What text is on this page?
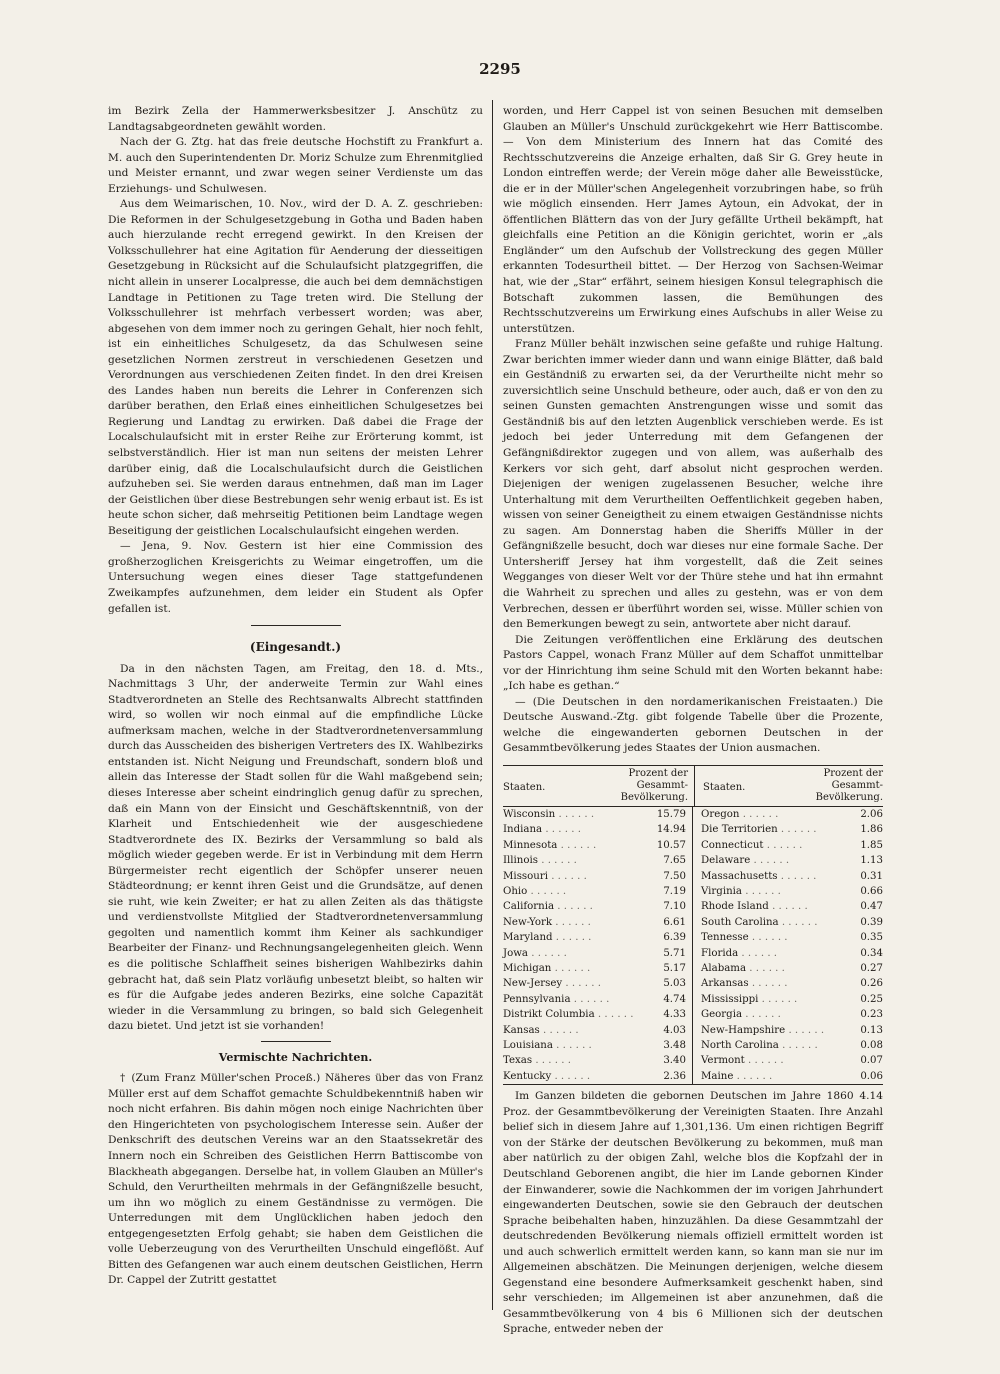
2295

im Bezirk Zella der Hammerwerksbesitzer J. Anschütz zu Landtagsabgeordneten gewählt worden.

Nach der G. Ztg. hat das freie deutsche Hochstift zu Frankfurt a. M. auch den Superintendenten Dr. Moriz Schulze zum Ehrenmitglied und Meister ernannt, und zwar wegen seiner Verdienste um das Erziehungs- und Schulwesen.

Aus dem Weimarischen, 10. Nov., wird der D. A. Z. geschrieben: Die Reformen in der Schulgesetzgebung in Gotha und Baden haben auch hierzulande recht erregend gewirkt. In den Kreisen der Volksschullehrer hat eine Agitation für Aenderung der diesseitigen Gesetzgebung in Rücksicht auf die Schulaufsicht platzgegriffen, die nicht allein in unserer Localpresse, die auch bei dem demnächstigen Landtage in Petitionen zu Tage treten wird. Die Stellung der Volksschullehrer ist mehrfach verbessert worden; was aber, abgesehen von dem immer noch zu geringen Gehalt, hier noch fehlt, ist ein einheitliches Schulgesetz, da das Schulwesen seine gesetzlichen Normen zerstreut in verschiedenen Gesetzen und Verordnungen aus verschiedenen Zeiten findet. In den drei Kreisen des Landes haben nun bereits die Lehrer in Conferenzen sich darüber berathen, den Erlaß eines einheitlichen Schulgesetzes bei Regierung und Landtag zu erwirken. Daß dabei die Frage der Localschulaufsicht mit in erster Reihe zur Erörterung kommt, ist selbstverständlich. Hier ist man nun seitens der meisten Lehrer darüber einig, daß die Localschulaufsicht durch die Geistlichen aufzuheben sei. Sie werden daraus entnehmen, daß man im Lager der Geistlichen über diese Bestrebungen sehr wenig erbaut ist. Es ist heute schon sicher, daß mehrseitig Petitionen beim Landtage wegen Beseitigung der geistlichen Localschulaufsicht eingehen werden.

— Jena, 9. Nov. Gestern ist hier eine Commission des großherzoglichen Kreisgerichts zu Weimar eingetroffen, um die Untersuchung wegen eines dieser Tage stattgefundenen Zweikampfes aufzunehmen, dem leider ein Student als Opfer gefallen ist.

(Eingesandt.)

Da in den nächsten Tagen, am Freitag, den 18. d. Mts., Nachmittags 3 Uhr, der anderweite Termin zur Wahl eines Stadtverordneten an Stelle des Rechtsanwalts Albrecht stattfinden wird, so wollen wir noch einmal auf die empfindliche Lücke aufmerksam machen, welche in der Stadtverordnetenversammlung durch das Ausscheiden des bisherigen Vertreters des IX. Wahlbezirks entstanden ist. Nicht Neigung und Freundschaft, sondern bloß und allein das Interesse der Stadt sollen für die Wahl maßgebend sein; dieses Interesse aber scheint eindringlich genug dafür zu sprechen, daß ein Mann von der Einsicht und Geschäftskenntniß, von der Klarheit und Entschiedenheit wie der ausgeschiedene Stadtverordnete des IX. Bezirks der Versammlung so bald als möglich wieder gegeben werde. Er ist in Verbindung mit dem Herrn Bürgermeister recht eigentlich der Schöpfer unserer neuen Städteordnung; er kennt ihren Geist und die Grundsätze, auf denen sie ruht, wie kein Zweiter; er hat zu allen Zeiten als das thätigste und verdienstvollste Mitglied der Stadtverordnetenversammlung gegolten und namentlich kommt ihm Keiner als sachkundiger Bearbeiter der Finanz- und Rechnungsangelegenheiten gleich. Wenn es die politische Schlaffheit seines bisherigen Wahlbezirks dahin gebracht hat, daß sein Platz vorläufig unbesetzt bleibt, so halten wir es für die Aufgabe jedes anderen Bezirks, eine solche Capazität wieder in die Versammlung zu bringen, so bald sich Gelegenheit dazu bietet. Und jetzt ist sie vorhanden!

Vermischte Nachrichten.

† (Zum Franz Müller'schen Proceß.) Näheres über das von Franz Müller erst auf dem Schaffot gemachte Schuldbekenntniß haben wir noch nicht erfahren. Bis dahin mögen noch einige Nachrichten über den Hingerichteten von psychologischem Interesse sein. Außer der Denkschrift des deutschen Vereins war an den Staatssekretär des Innern noch ein Schreiben des Geistlichen Herrn Battiscombe von Blackheath abgegangen. Derselbe hat, in vollem Glauben an Müller's Schuld, den Verurtheilten mehrmals in der Gefängnißzelle besucht, um ihn wo möglich zu einem Geständnisse zu vermögen. Die Unterredungen mit dem Unglücklichen haben jedoch den entgegengesetzten Erfolg gehabt; sie haben dem Geistlichen die volle Ueberzeugung von des Verurtheilten Unschuld eingeflößt. Auf Bitten des Gefangenen war auch einem deutschen Geistlichen, Herrn Dr. Cappel der Zutritt gestattet

worden, und Herr Cappel ist von seinen Besuchen mit demselben Glauben an Müller's Unschuld zurückgekehrt wie Herr Battiscombe. — Von dem Ministerium des Innern hat das Comité des Rechtsschutzvereins die Anzeige erhalten, daß Sir G. Grey heute in London eintreffen werde; der Verein möge daher alle Beweisstücke, die er in der Müller'schen Angelegenheit vorzubringen habe, so früh wie möglich einsenden. Herr James Aytoun, ein Advokat, der in öffentlichen Blättern das von der Jury gefällte Urtheil bekämpft, hat gleichfalls eine Petition an die Königin gerichtet, worin er „als Engländer“ um den Aufschub der Vollstreckung des gegen Müller erkannten Todesurtheil bittet. — Der Herzog von Sachsen-Weimar hat, wie der „Star“ erfährt, seinem hiesigen Konsul telegraphisch die Botschaft zukommen lassen, die Bemühungen des Rechtsschutzvereins um Erwirkung eines Aufschubs in aller Weise zu unterstützen.

Franz Müller behält inzwischen seine gefaßte und ruhige Haltung. Zwar berichten immer wieder dann und wann einige Blätter, daß bald ein Geständniß zu erwarten sei, da der Verurtheilte nicht mehr so zuversichtlich seine Unschuld betheure, oder auch, daß er von den zu seinen Gunsten gemachten Anstrengungen wisse und somit das Geständniß bis auf den letzten Augenblick verschieben werde. Es ist jedoch bei jeder Unterredung mit dem Gefangenen der Gefängnißdirektor zugegen und von allem, was außerhalb des Kerkers vor sich geht, darf absolut nicht gesprochen werden. Diejenigen der wenigen zugelassenen Besucher, welche ihre Unterhaltung mit dem Verurtheilten Oeffentlichkeit gegeben haben, wissen von seiner Geneigtheit zu einem etwaigen Geständnisse nichts zu sagen. Am Donnerstag haben die Sheriffs Müller in der Gefängnißzelle besucht, doch war dieses nur eine formale Sache. Der Untersheriff Jersey hat ihm vorgestellt, daß die Zeit seines Wegganges von dieser Welt vor der Thüre stehe und hat ihn ermahnt die Wahrheit zu sprechen und alles zu gestehn, was er von dem Verbrechen, dessen er überführt worden sei, wisse. Müller schien von den Bemerkungen bewegt zu sein, antwortete aber nicht darauf.

Die Zeitungen veröffentlichen eine Erklärung des deutschen Pastors Cappel, wonach Franz Müller auf dem Schaffot unmittelbar vor der Hinrichtung ihm seine Schuld mit den Worten bekannt habe: „Ich habe es gethan.“

— (Die Deutschen in den nordamerikanischen Freistaaten.) Die Deutsche Auswand.-Ztg. gibt folgende Tabelle über die Prozente, welche die eingewanderten gebornen Deutschen in der Gesammtbevölkerung jedes Staates der Union ausmachen.

Staaten.
Prozent der Gesammt-Bevölkerung.
Staaten.
Prozent der Gesammt-Bevölkerung.
Wisconsin . . .	15.79
Indiana . . .	14.94
Minnesota . . .	10.57
Illinois . . .	7.65
Missouri . . .	7.50
Ohio . . .	7.19
California . . .	7.10
New-York . . .	6.61
Maryland . . .	6.39
Jowa . . .	5.71
Michigan . . .	5.17
New-Jersey . . .	5.03
Pennsylvania . . .	4.74
Distrikt Columbia . . .	4.33
Kansas . . .	4.03
Louisiana . . .	3.48
Texas . . .	3.40
Kentucky . . .	2.36
Oregon . . .	2.06
Die Territorien . . .	1.86
Connecticut . . .	1.85
Delaware . . .	1.13
Massachusetts . . .	0.31
Virginia . . .	0.66
Rhode Island . . .	0.47
South Carolina . . .	0.39
Tennesse . . .	0.35
Florida . . .	0.34
Alabama . . .	0.27
Arkansas . . .	0.26
Mississippi . . .	0.25
Georgia . . .	0.23
New-Hampshire . . .	0.13
North Carolina . . .	0.08
Vermont . . .	0.07
Maine . . .	0.06

Im Ganzen bildeten die gebornen Deutschen im Jahre 1860 4.14 Proz. der Gesammtbevölkerung der Vereinigten Staaten. Ihre Anzahl belief sich in diesem Jahre auf 1,301,136. Um einen richtigen Begriff von der Stärke der deutschen Bevölkerung zu bekommen, muß man aber natürlich zu der obigen Zahl, welche blos die Kopfzahl der in Deutschland Geborenen angibt, die hier im Lande gebornen Kinder der Einwanderer, sowie die Nachkommen der im vorigen Jahrhundert eingewanderten Deutschen, sowie sie den Gebrauch der deutschen Sprache beibehalten haben, hinzuzählen. Da diese Gesammtzahl der deutschredenden Bevölkerung niemals offiziell ermittelt worden ist und auch schwerlich ermittelt werden kann, so kann man sie nur im Allgemeinen abschätzen. Die Meinungen derjenigen, welche diesem Gegenstand eine besondere Aufmerksamkeit geschenkt haben, sind sehr verschieden; im Allgemeinen ist aber anzunehmen, daß die Gesammtbevölkerung von 4 bis 6 Millionen sich der deutschen Sprache, entweder neben der
